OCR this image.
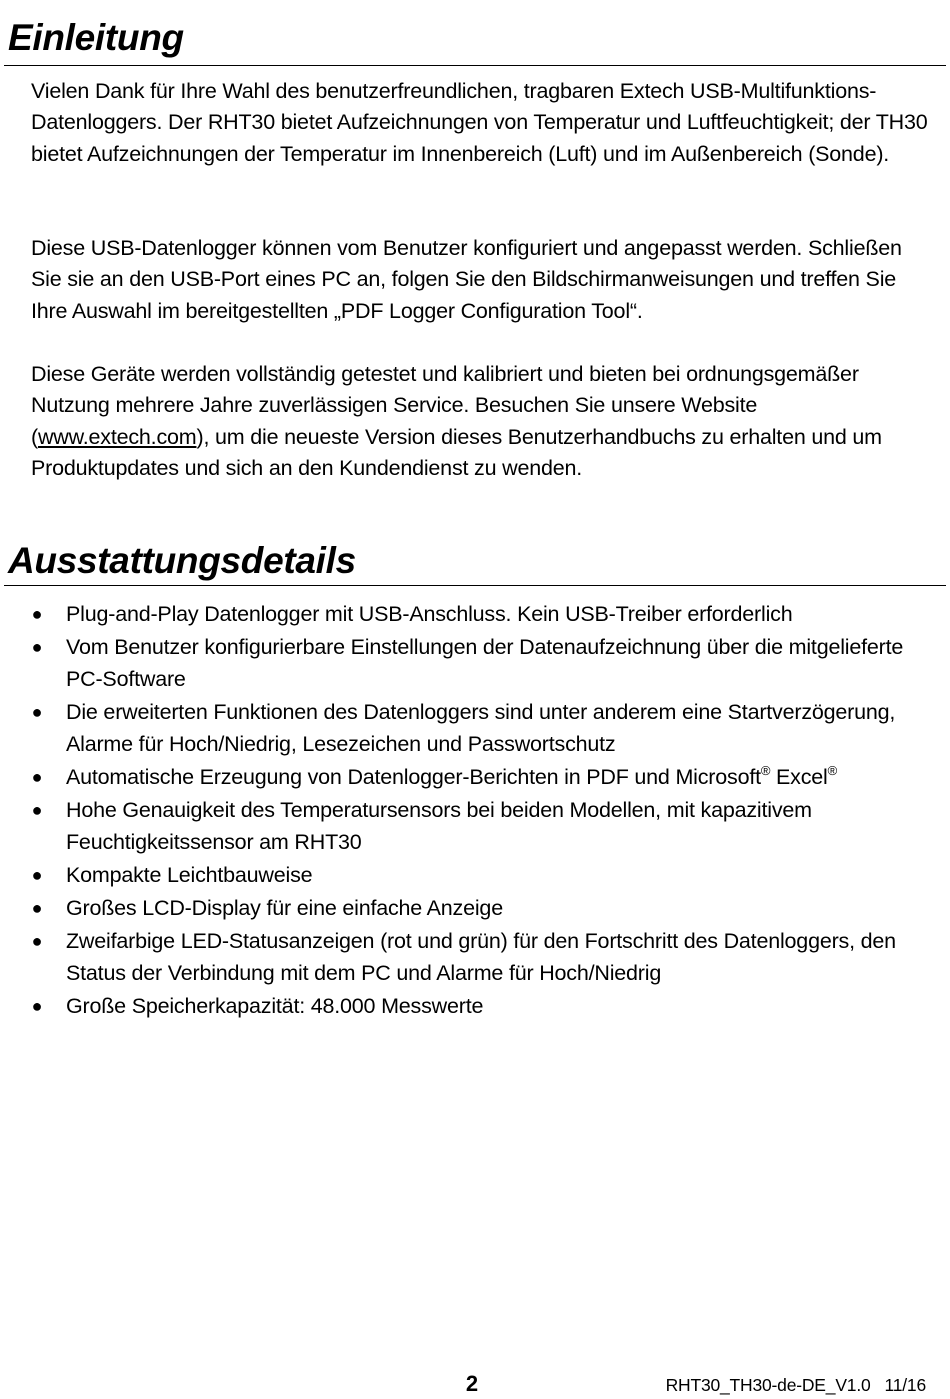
Einleitung

Vielen Dank für Ihre Wahl des benutzerfreundlichen, tragbaren Extech USB-Multifunktions-Datenloggers. Der RHT30 bietet Aufzeichnungen von Temperatur und Luftfeuchtigkeit; der TH30 bietet Aufzeichnungen der Temperatur im Innenbereich (Luft) und im Außenbereich (Sonde).

Diese USB-Datenlogger können vom Benutzer konfiguriert und angepasst werden. Schließen Sie sie an den USB-Port eines PC an, folgen Sie den Bildschirmanweisungen und treffen Sie Ihre Auswahl im bereitgestellten „PDF Logger Configuration Tool“.

Diese Geräte werden vollständig getestet und kalibriert und bieten bei ordnungsgemäßer Nutzung mehrere Jahre zuverlässigen Service. Besuchen Sie unsere Website (www.extech.com), um die neueste Version dieses Benutzerhandbuchs zu erhalten und um Produktupdates und sich an den Kundendienst zu wenden.

Ausstattungsdetails
● Plug-and-Play Datenlogger mit USB-Anschluss. Kein USB-Treiber erforderlich
● Vom Benutzer konfigurierbare Einstellungen der Datenaufzeichnung über die mitgelieferte PC-Software
● Die erweiterten Funktionen des Datenloggers sind unter anderem eine Startverzögerung, Alarme für Hoch/Niedrig, Lesezeichen und Passwortschutz
● Automatische Erzeugung von Datenlogger-Berichten in PDF und Microsoft® Excel®
● Hohe Genauigkeit des Temperatursensors bei beiden Modellen, mit kapazitivem Feuchtigkeitssensor am RHT30
● Kompakte Leichtbauweise
● Großes LCD-Display für eine einfache Anzeige
● Zweifarbige LED-Statusanzeigen (rot und grün) für den Fortschritt des Datenloggers, den Status der Verbindung mit dem PC und Alarme für Hoch/Niedrig
● Große Speicherkapazität: 48.000 Messwerte
2	RHT30_TH30-de-DE_V1.0   11/16
